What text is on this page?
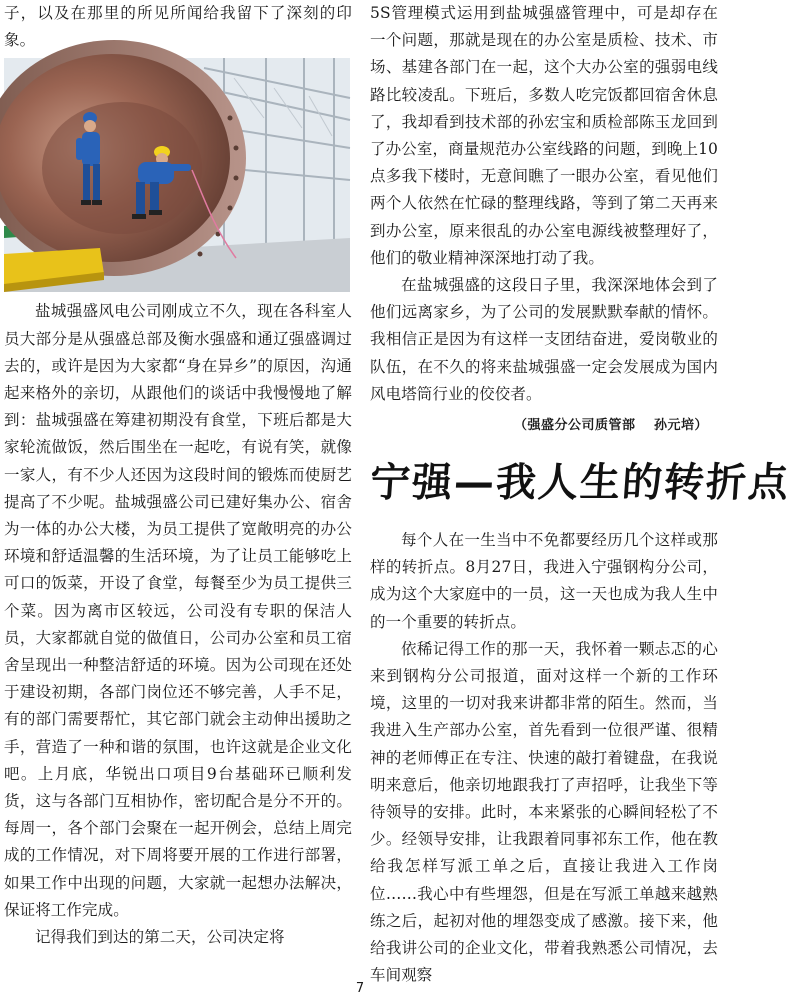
子，以及在那里的所见所闻给我留下了深刻的印象。

盐城强盛风电公司刚成立不久，现在各科室人员大部分是从强盛总部及衡水强盛和通辽强盛调过去的，或许是因为大家都“身在异乡”的原因，沟通起来格外的亲切，从跟他们的谈话中我慢慢地了解到：盐城强盛在筹建初期没有食堂，下班后都是大家轮流做饭，然后围坐在一起吃，有说有笑，就像一家人，有不少人还因为这段时间的锻炼而使厨艺提高了不少呢。盐城强盛公司已建好集办公、宿舍为一体的办公大楼，为员工提供了宽敞明亮的办公环境和舒适温馨的生活环境，为了让员工能够吃上可口的饭菜，开设了食堂，每餐至少为员工提供三个菜。因为离市区较远，公司没有专职的保洁人员，大家都就自觉的做值日，公司办公室和员工宿舍呈现出一种整洁舒适的环境。因为公司现在还处于建设初期，各部门岗位还不够完善，人手不足，有的部门需要帮忙，其它部门就会主动伸出援助之手，营造了一种和谐的氛围，也许这就是企业文化吧。上月底，华锐出口项目9台基础环已顺利发货，这与各部门互相协作，密切配合是分不开的。每周一，各个部门会聚在一起开例会，总结上周完成的工作情况，对下周将要开展的工作进行部署，如果工作中出现的问题，大家就一起想办法解决，保证将工作完成。

记得我们到达的第二天，公司决定将

5S管理模式运用到盐城强盛管理中，可是却存在一个问题，那就是现在的办公室是质检、技术、市场、基建各部门在一起，这个大办公室的强弱电线路比较凌乱。下班后，多数人吃完饭都回宿舍休息了，我却看到技术部的孙宏宝和质检部陈玉龙回到了办公室，商量规范办公室线路的问题，到晚上10点多我下楼时，无意间瞧了一眼办公室，看见他们两个人依然在忙碌的整理线路，等到了第二天再来到办公室，原来很乱的办公室电源线被整理好了，他们的敬业精神深深地打动了我。

在盐城强盛的这段日子里，我深深地体会到了他们远离家乡，为了公司的发展默默奉献的情怀。我相信正是因为有这样一支团结奋进，爱岗敬业的队伍，在不久的将来盐城强盛一定会发展成为国内风电塔筒行业的佼佼者。

（强盛分公司质管部　 孙元培）

宁强—我人生的转折点

每个人在一生当中不免都要经历几个这样或那样的转折点。8月27日，我进入宁强钢构分公司，成为这个大家庭中的一员，这一天也成为我人生中的一个重要的转折点。

依稀记得工作的那一天，我怀着一颗忐忑的心来到钢构分公司报道，面对这样一个新的工作环境，这里的一切对我来讲都非常的陌生。然而，当我进入生产部办公室，首先看到一位很严谨、很精神的老师傅正在专注、快速的敲打着键盘，在我说明来意后，他亲切地跟我打了声招呼，让我坐下等待领导的安排。此时，本来紧张的心瞬间轻松了不少。经领导安排，让我跟着同事祁东工作，他在教给我怎样写派工单之后，直接让我进入工作岗位……我心中有些埋怨，但是在写派工单越来越熟练之后，起初对他的埋怨变成了感激。接下来，他给我讲公司的企业文化，带着我熟悉公司情况，去车间观察

7
